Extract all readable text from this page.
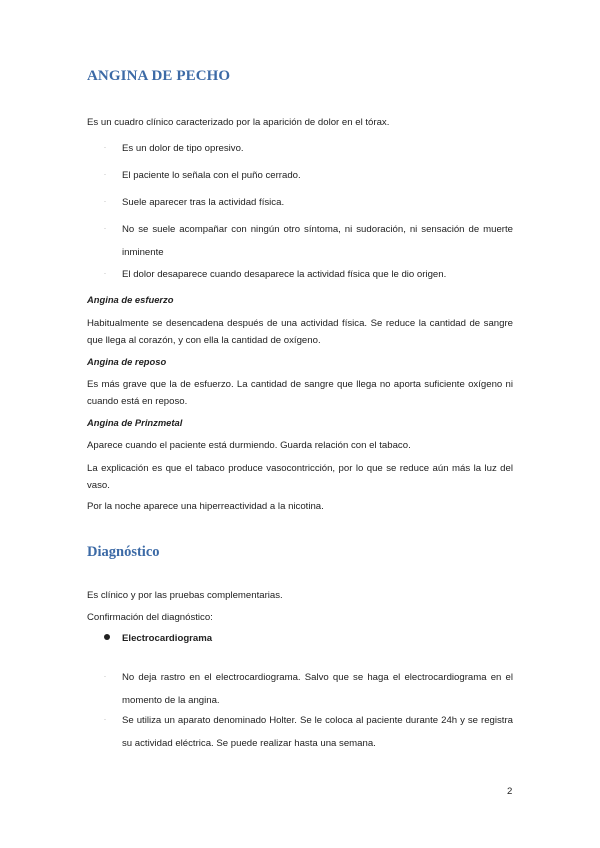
ANGINA DE PECHO

Es un cuadro clínico caracterizado por la aparición de dolor en el tórax.

· Es un dolor de tipo opresivo.
· El paciente lo señala con el puño cerrado.
· Suele aparecer tras la actividad física.
· No se suele acompañar con ningún otro síntoma, ni sudoración, ni sensación de muerte inminente
· El dolor desaparece cuando desaparece la actividad física que le dio origen.

Angina de esfuerzo

Habitualmente se desencadena después de una actividad física. Se reduce la cantidad de sangre que llega al corazón, y con ella la cantidad de oxígeno.

Angina de reposo

Es más grave que la de esfuerzo. La cantidad de sangre que llega no aporta suficiente oxígeno ni cuando está en reposo.

Angina de Prinzmetal

Aparece cuando el paciente está durmiendo. Guarda relación con el tabaco.

La explicación es que el tabaco produce vasocontricción, por lo que se reduce aún más la luz del vaso.

Por la noche aparece una hiperreactividad a la nicotina.

Diagnóstico

Es clínico y por las pruebas complementarias.

Confirmación del diagnóstico:

Electrocardiograma
· No deja rastro en el electrocardiograma. Salvo que se haga el electrocardiograma en el momento de la angina.
· Se utiliza un aparato denominado Holter. Se le coloca al paciente durante 24h y se registra su actividad eléctrica. Se puede realizar hasta una semana.
2
